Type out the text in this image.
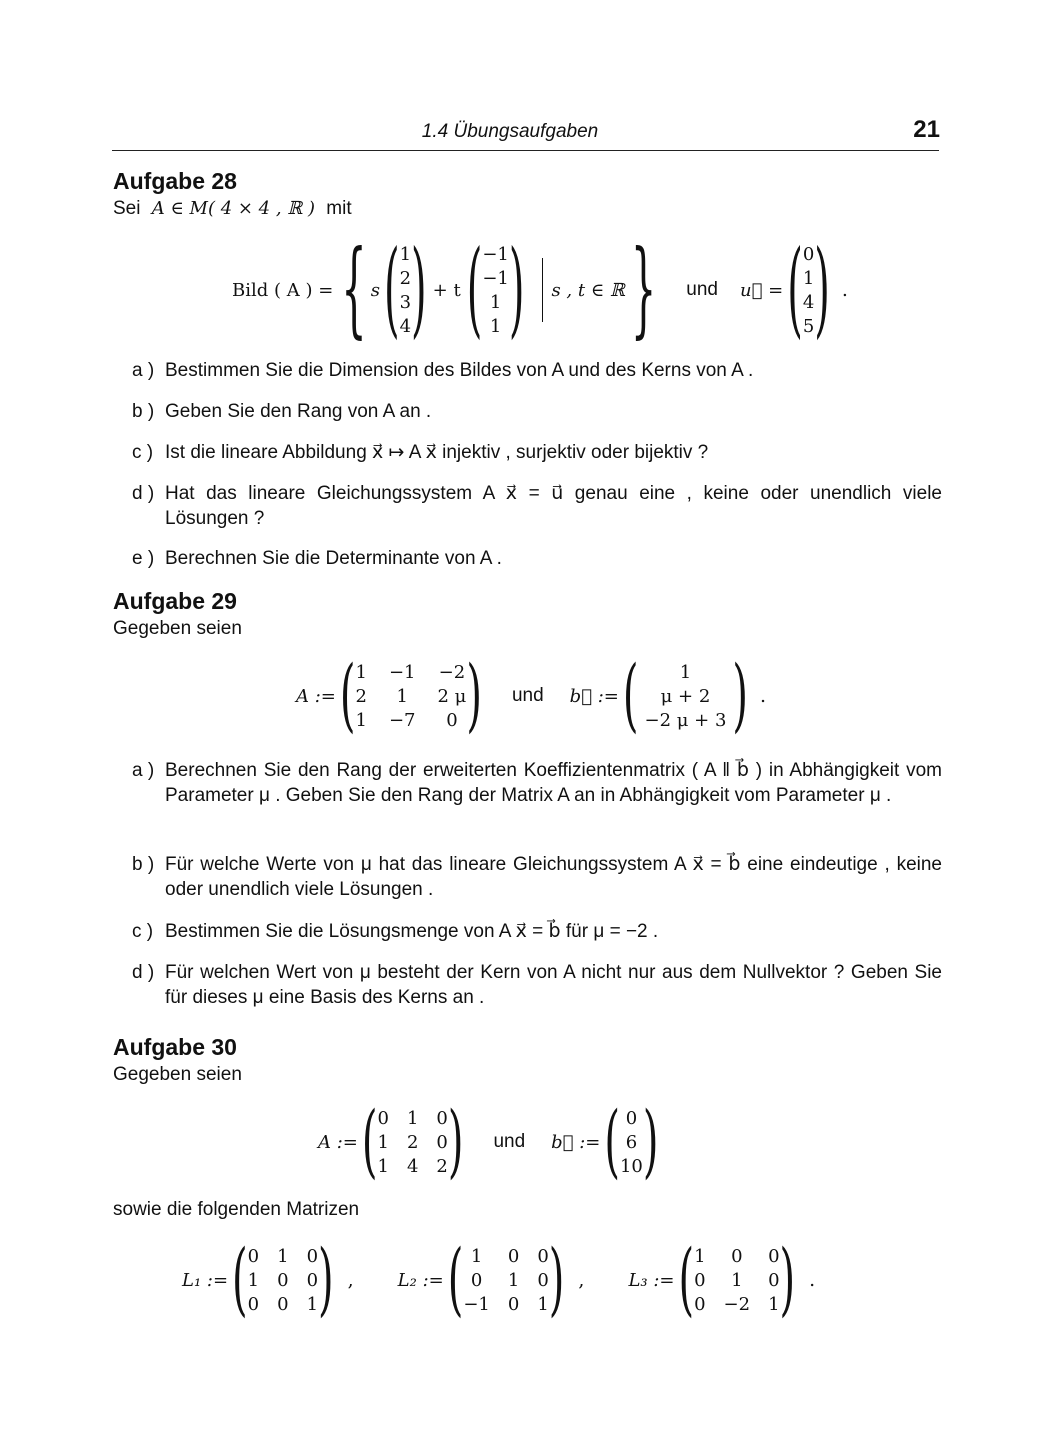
1.4 Übungsaufgaben	21
Aufgabe 28
Sei A ∈ M( 4 × 4 , ℝ ) mit
Bild ( A ) = { s ( 1
2
3
4 ) + t ( −1
−1
1
1 ) s , t ∈ ℝ } und u⃗ = ( 0
1
4
5 ) .
a ) Bestimmen Sie die Dimension des Bildes von A und des Kerns von A .
b ) Geben Sie den Rang von A an .
c ) Ist die lineare Abbildung x⃗ ↦ A x⃗ injektiv , surjektiv oder bijektiv ?
d ) Hat das lineare Gleichungssystem A x⃗ = u⃗ genau eine , keine oder unendlich viele Lösungen ?
e ) Berechnen Sie die Determinante von A .
Aufgabe 29
Gegeben seien
A := ( 1 −1 −2
2	1	2 μ
1 −7	0 ) und b⃗ := (	1
μ + 2
−2 μ + 3 ) .
a ) Berechnen Sie den Rang der erweiterten Koeffizientenmatrix ( A ‖ b⃗ ) in Abhängigkeit vom Parameter μ . Geben Sie den Rang der Matrix A an in Abhängigkeit vom Parameter μ .
b ) Für welche Werte von μ hat das lineare Gleichungssystem A x⃗ = b⃗ eine eindeutige , keine oder unendlich viele Lösungen .
c ) Bestimmen Sie die Lösungsmenge von A x⃗ = b⃗ für μ = −2 .
d ) Für welchen Wert von μ besteht der Kern von A nicht nur aus dem Nullvektor ? Geben Sie für dieses μ eine Basis des Kerns an .
Aufgabe 30
Gegeben seien
A := ( 0 1 0
1 2 0
1 4 2 ) und b⃗ := ( 0
6
10 )
sowie die folgenden Matrizen
L₁ := ( 0 1 0
1 0 0
0 0 1 ) , L₂ := ( 1	0 0
0	1 0
−1 0 1 ) , L₃ := ( 1	0	0
0	1	0
0 −2 1 ) .
